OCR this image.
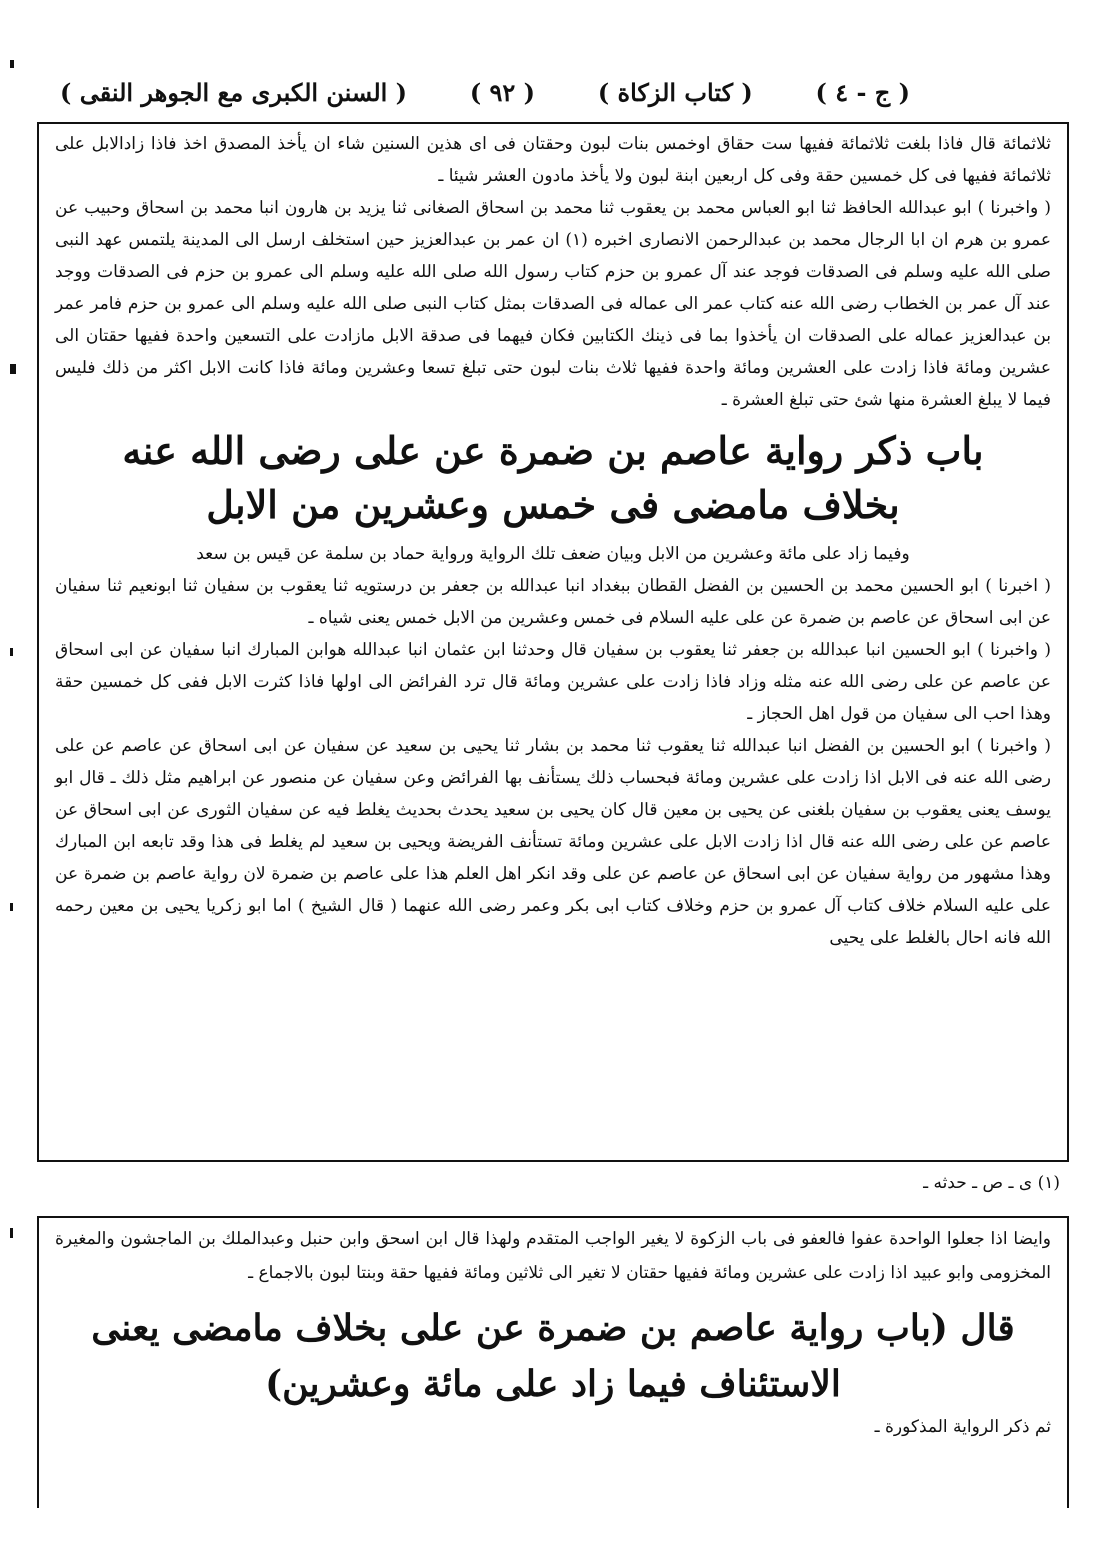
( السنن الكبرى مع الجوهر النقى )	( ٩٢ )	( كتاب الزكاة )	( ج - ٤ )

ثلاثمائة قال فاذا بلغت ثلاثمائة ففيها ست حقاق اوخمس بنات لبون وحقتان فى اى هذين السنين شاء ان يأخذ المصدق اخذ فاذا زادالابل على ثلاثمائة ففيها فى كل خمسين حقة وفى كل اربعين ابنة لبون ولا يأخذ مادون العشر شيئا ـ

( واخبرنا ) ابو عبدالله الحافظ ثنا ابو العباس محمد بن يعقوب ثنا محمد بن اسحاق الصغانى ثنا يزيد بن هارون انبا محمد بن اسحاق وحبيب عن عمرو بن هرم ان ابا الرجال محمد بن عبدالرحمن الانصارى اخبره (١) ان عمر بن عبدالعزيز حين استخلف ارسل الى المدينة يلتمس عهد النبى صلى الله عليه وسلم فى الصدقات فوجد عند آل عمرو بن حزم كتاب رسول الله صلى الله عليه وسلم الى عمرو بن حزم فى الصدقات ووجد عند آل عمر بن الخطاب رضى الله عنه كتاب عمر الى عماله فى الصدقات بمثل كتاب النبى صلى الله عليه وسلم الى عمرو بن حزم فامر عمر بن عبدالعزيز عماله على الصدقات ان يأخذوا بما فى ذينك الكتابين فكان فيهما فى صدقة الابل مازادت على التسعين واحدة ففيها حقتان الى عشرين ومائة فاذا زادت على العشرين ومائة واحدة ففيها ثلاث بنات لبون حتى تبلغ تسعا وعشرين ومائة فاذا كانت الابل اكثر من ذلك فليس فيما لا يبلغ العشرة منها شئ حتى تبلغ العشرة ـ

باب ذكر رواية عاصم بن ضمرة عن على رضى الله عنه
بخلاف مامضى فى خمس وعشرين من الابل

وفيما زاد على مائة وعشرين من الابل وبيان ضعف تلك الرواية ورواية حماد بن سلمة عن قيس بن سعد

( اخبرنا ) ابو الحسين محمد بن الحسين بن الفضل القطان ببغداد انبا عبدالله بن جعفر بن درستويه ثنا يعقوب بن سفيان ثنا ابونعيم ثنا سفيان عن ابى اسحاق عن عاصم بن ضمرة عن على عليه السلام فى خمس وعشرين من الابل خمس يعنى شياه ـ

( واخبرنا ) ابو الحسين انبا عبدالله بن جعفر ثنا يعقوب بن سفيان قال وحدثنا ابن عثمان انبا عبدالله هوابن المبارك انبا سفيان عن ابى اسحاق عن عاصم عن على رضى الله عنه مثله وزاد فاذا زادت على عشرين ومائة قال ترد الفرائض الى اولها فاذا كثرت الابل ففى كل خمسين حقة وهذا احب الى سفيان من قول اهل الحجاز ـ

( واخبرنا ) ابو الحسين بن الفضل انبا عبدالله ثنا يعقوب ثنا محمد بن بشار ثنا يحيى بن سعيد عن سفيان عن ابى اسحاق عن عاصم عن على رضى الله عنه فى الابل اذا زادت على عشرين ومائة فبحساب ذلك يستأنف بها الفرائض وعن سفيان عن منصور عن ابراهيم مثل ذلك ـ قال ابو يوسف يعنى يعقوب بن سفيان بلغنى عن يحيى بن معين قال كان يحيى بن سعيد يحدث بحديث يغلط فيه عن سفيان الثورى عن ابى اسحاق عن عاصم عن على رضى الله عنه قال اذا زادت الابل على عشرين ومائة تستأنف الفريضة ويحيى بن سعيد لم يغلط فى هذا وقد تابعه ابن المبارك وهذا مشهور من رواية سفيان عن ابى اسحاق عن عاصم عن على وقد انكر اهل العلم هذا على عاصم بن ضمرة لان رواية عاصم بن ضمرة عن على عليه السلام خلاف كتاب آل عمرو بن حزم وخلاف كتاب ابى بكر وعمر رضى الله عنهما ( قال الشيخ ) اما ابو زكريا يحيى بن معين رحمه الله فانه احال بالغلط على يحيى

(١) ى ـ ص ـ حدثه ـ

وايضا اذا جعلوا الواحدة عفوا فالعفو فى باب الزكوة لا يغير الواجب المتقدم ولهذا قال ابن اسحق وابن حنبل وعبدالملك بن الماجشون والمغيرة المخزومى وابو عبيد اذا زادت على عشرين ومائة ففيها حقتان لا تغير الى ثلاثين ومائة ففيها حقة وبنتا لبون بالاجماع ـ

قال (باب رواية عاصم بن ضمرة عن على بخلاف مامضى يعنى
الاستئناف فيما زاد على مائة وعشرين)
ثم ذكر الرواية المذكورة ـ
